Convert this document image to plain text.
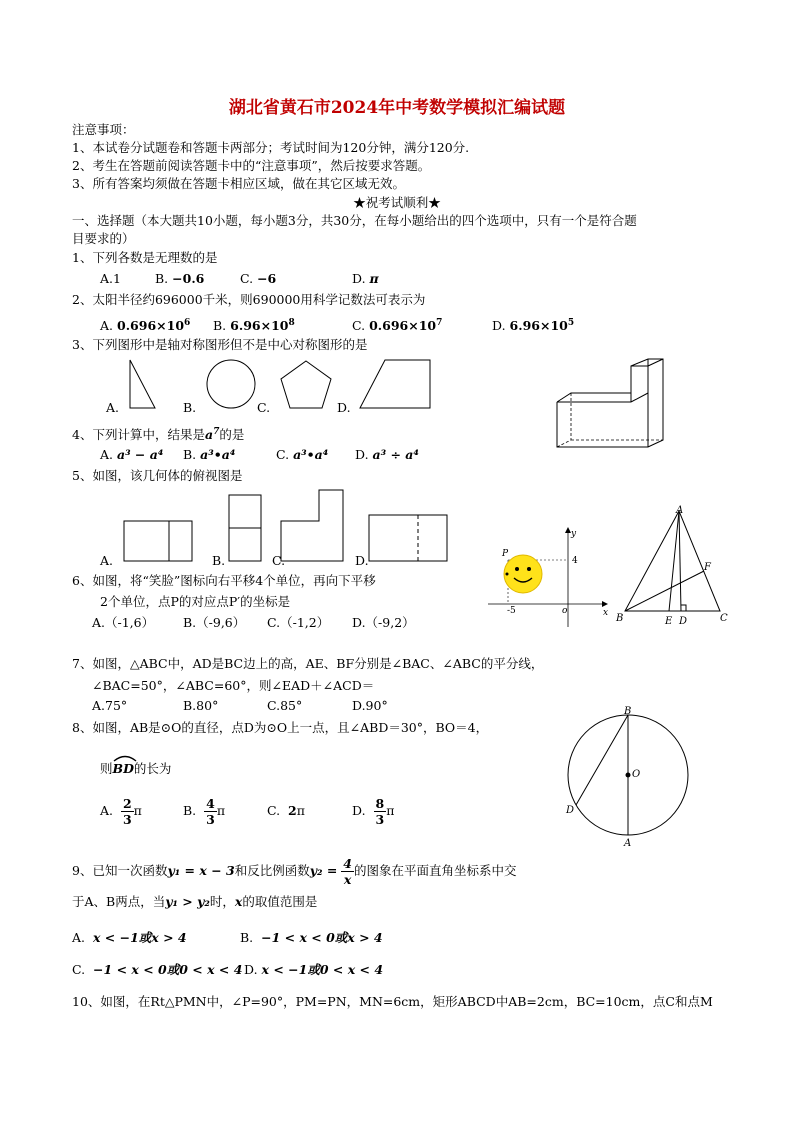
湖北省黄石市2024年中考数学模拟汇编试题
注意事项：
1、本试卷分试题卷和答题卡两部分；考试时间为120分钟，满分120分.
2、考生在答题前阅读答题卡中的“注意事项”，然后按要求答题。
3、所有答案均须做在答题卡相应区域，做在其它区域无效。
★祝考试顺利★
一、选择题（本大题共10小题，每小题3分，共30分，在每小题给出的四个选项中，只有一个是符合题
目要求的）
1、下列各数是无理数的是
A.1	B. −0.6	C. −6	D. π
2、太阳半径约696000千米，则690000用科学记数法可表示为
A. $0.696\times 10^6$ B. $6.96\times 10^8$	C. $0.696\times 10^7$	D. $6.96\times 10^5$
3、下列图形中是轴对称图形但不是中心对称图形的是
A.	B.	C.	D.
4、下列计算中，结果是$a^7$的是
A. a³ − a⁴ B. a³•a⁴	C. a³•a⁴ D. a³ ÷ a⁴
5、如图，该几何体的俯视图是
A.	B.	C.	D.	P
y
x
4
-5	o
A
B	C
E D
F
6、如图，将“笑脸”图标向右平移4个单位，再向下平移
2个单位，点P的对应点P′的坐标是
A.（-1,6） B.（-9,6） C.（-1,2） D.（-9,2）
7、如图，△ABC中，AD是BC边上的高，AE、BF分别是∠BAC、∠ABC的平分线，
∠BAC=50°，∠ABC=60°，则∠EAD＋∠ACD＝
A.75°	B.80°	C.85°	D.90°	B
O
D
A
8、如图，AB是⊙O的直径，点D为⊙O上一点，且∠ABD＝30°，BO＝4，
则
BD的长为
A. $\frac{2}{3}$ π	B. $\frac{4}{3}$ π	C. 2π	D. $\frac{8}{3}$ π
9、已知一次函数y₁ = x − 3和反比例函数$y_2 = \frac{4}{x}$ 的图象在平面直角坐标系中交
于A、B两点，当y₁ > y₂时，x的取值范围是
A. x < −1或x > 4	B. −1 < x < 0或x > 4
C. −1 < x < 0或0 < x < 4 D. x < −1或0 < x < 4
10、如图，在Rt△PMN中，∠P=90°，PM=PN，MN=6cm，矩形ABCD中AB=2cm，BC=10cm，点C和点M
